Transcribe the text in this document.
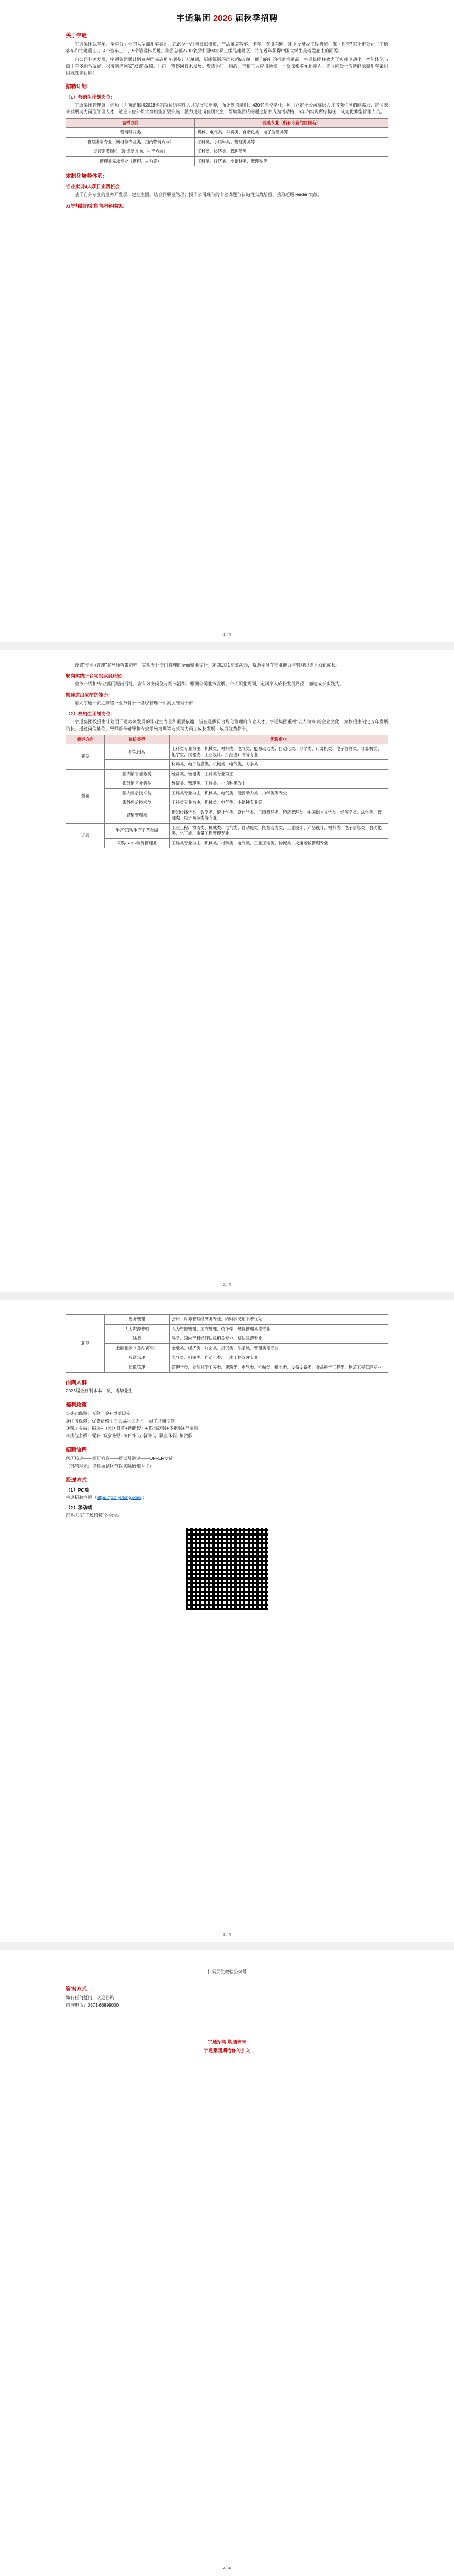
宇通集团 2026 届秋季招聘
关于宇通

宇通集团以客车、全车为主业的大型商用车集团，总部位于河南省郑州市，产品覆盖客车、卡车、专用车辆、环卫设备及工程机械。旗下拥有7家上市公司（宇通客车和宇通重工）、4个智车工厂、5个管理体系地，集团总部2700余层中国50家员工组品建设区，并在近年获得中国大学生最着爱雇主的同等。

自公司业务发展，宇通集团累计缴费税面减施用车辆多订万单辆，新能源级的运营超5万单，面向的社的机通机通品，宇通集团将致力于实现电动化、智能体化与商用车多融合发展，积极响应国家"双碳"战略。目前，整体同技术发展。聚焦运行、物流、市值三大应用场景，不断探索多元化能力。定立向最一流新能源商用车集团目标笃定迈进！

招聘计划：
（1）营销生计划岗位：

宇通集团管理链目标项目面向通集团2018年的项位结构性人才发展和培养，面计划拟录用近430名高校毕业，项目立定于公司高层人才考岗位测的能需求，定位未来发展动力岗位管理人才，适应岗位外贸大高机能新要抗的，激力通过岗位研究生，帮助集团成的通过培育成为活动格、5年内实现所结构任，成为优秀型管理人员。

营销方向	优选专业（所有专业的同国名）
营销研发类	机械、电气类、车辆类、自动化类、电子信息类等
管理类需专业（新材领专业类、国内营销方向）	工科类、小语种类、管理类类等
运营需要岗位（制造要方向、生产方向）	工科类、经济类、管理类等
管理类需求专业（管理、人力等）	工科类、经济类、小语种类、管理类等
定制化培养体系：
专业实训4大项目实践机会：

基于自身专业的业务开发展，建立主面、结合同职业管理；授予公司现有的专业课题与岗站性实战培目、获取超级 leader 实战。

双导师制作定能向培养体制：
1 / 4

设置"专业+管理"双导师帮带培养，实现专业专门管理的全面赋能提升；定期1对1高效沟通，帮助学员在专业能力与管理思维上双轨成长。

轮岗实践平台定制发展路径：

业务一线和/专业部门配岗沿练，含有效务岗位与配岗沿练；根据公司业务发展、个人职业规划，定制个人成长发展路径，加速成长实践为。

快速进出家型的能力：

融入宇通一流之网络一业务骨干一基层管理一中高层管理干部

（2）校招生计划岗位：

宇通集团校招生计划面于通本来发展的毕业生力量和重要依籍，旨在选拔符合规化管理的专业人才。宇通集团重视"以人为本"的企业文化，为校招生制定五年发展的长，通过岗位辅佐、导师帮带辅导和专业系统培训等方式助力员工成长发展，成为优秀骨干。

招纳方向	岗位类型	优选专业
研发	研发岗类	工科类专业为主，机械类、材料类、电气类、能源动力类、自动化类、力学类、计算机类、电子信息类、计算机类、化学类、仪器类、工业设计、产品设计等等专业
		材料类、电子信息类、机械类、电气类、力学类
营销	国内销售业务类	经济类、管理类、工科类专业为主
	海外销售业务类	经济类、管理类、工科类、小语种类为主
	国内售后技术类	工科类专业为主，机械类、电气类、能源动力类、力学类等专业
	海外售后技术类	工科类专业为主，机械类、电气类、小语种专业等
	营销管理类	新闻传播学类、数学类、统计学类、设计学类、工商管理类、经济管理类、中国语言文学类、经济学类、法学类、管理类、电子商务类等专业
运营	生产管理/生产工艺类岗	工业工程、物流类、机械类、电气类、自动化类、能源动力类、工业设计、产品设计、材料类、电子信息类、自动化类、化工类、质量工程管理专业
	采购/SQE/物流管理类	工科类专业为主，机械类、材料类、电气类、工业工程类、物流类、交通运输管理专业
2 / 4
职能	财务管理	会计、财务管理经济类专业，的财状况证书者优先
	人力资源管理	人力资源管理、工商管理、统计学、经济管理类等专业
	法务	法学、国内产权经理法律相关专业、获法律帮专业
	金融业务（国内/海外）	金融类、经济类、财会类、投资类、法学类、管理类等专业
	投资管理	电气类、机械类、自动化类、土木工程管理专业
	质量管理	管理学类、食品科学工程类、建筑类、电气类、机械类、机电类、设备设备类、食品科学工程类、物流工程管理专业
面向人群
2026届全日制本本、硕、博毕业生
福利政策
①基础保障：五险一金+ 博贺设定
②住房保障：优惠价格＋工会福利关系件＋员工共租房制
③餐厅关系：宿舍+（园区食堂+新能楼）+ 四层次餐+体能餐+产福餐
④其他多样：餐补+观察补贴+节日补助+餐补助+职业休假+年资假
招聘流程
落历校进——简历筛选——面试及测评——OFFER发放
（部管理示：持体面试环节以实际通知为主）
投递方式
（1）PC端
宇通招聘官网（https://join.yutong.com）；
（2）移动端
扫码关注"宇通招聘"公众号。
3 / 4
扫码关注微信公众号
咨询方式
如有任何疑问，欢迎咨询
咨询电话：0371-66899000
宇通招聘 期遇未来
宇通集团期待你的加入
4 / 4
